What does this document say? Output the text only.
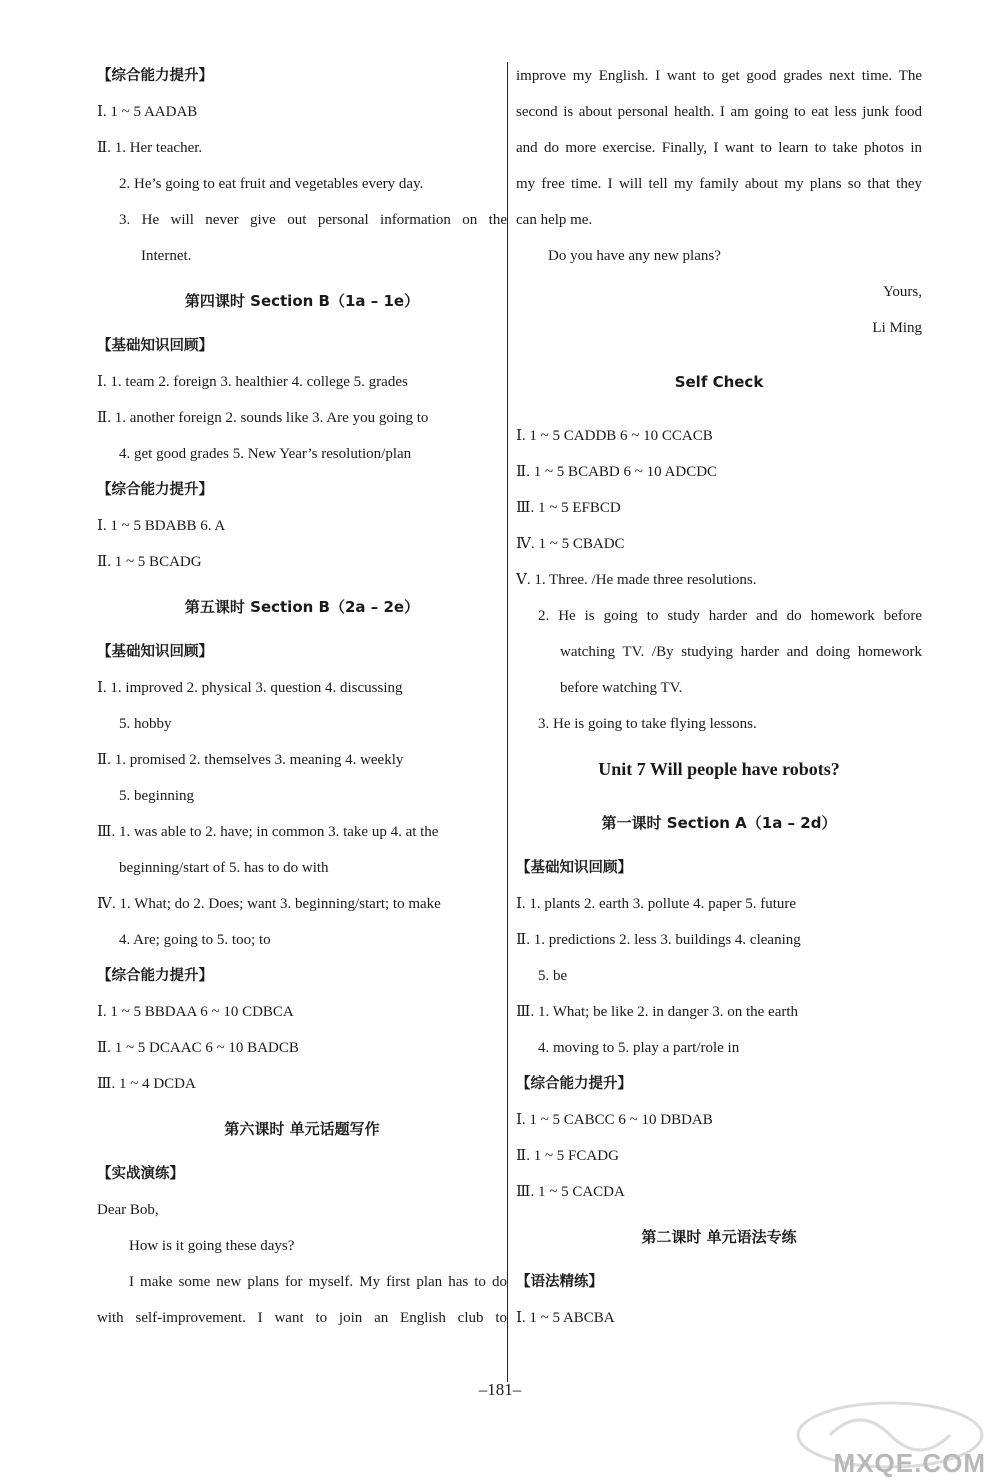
【综合能力提升】
Ⅰ. 1 ~ 5 AADAB
Ⅱ. 1. Her teacher.
2. He’s going to eat fruit and vegetables every day.
3. He will never give out personal information on the
Internet.
第四课时 Section B（1a – 1e）
【基础知识回顾】
Ⅰ. 1. team 2. foreign 3. healthier 4. college 5. grades
Ⅱ. 1. another foreign 2. sounds like 3. Are you going to
4. get good grades 5. New Year’s resolution/plan
【综合能力提升】
Ⅰ. 1 ~ 5 BDABB 6. A
Ⅱ. 1 ~ 5 BCADG
第五课时 Section B（2a – 2e）
【基础知识回顾】
Ⅰ. 1. improved 2. physical 3. question 4. discussing
5. hobby
Ⅱ. 1. promised 2. themselves 3. meaning 4. weekly
5. beginning
Ⅲ. 1. was able to 2. have; in common 3. take up 4. at the
beginning/start of 5. has to do with
Ⅳ. 1. What; do 2. Does; want 3. beginning/start; to make
4. Are; going to 5. too; to
【综合能力提升】
Ⅰ. 1 ~ 5 BBDAA 6 ~ 10 CDBCA
Ⅱ. 1 ~ 5 DCAAC 6 ~ 10 BADCB
Ⅲ. 1 ~ 4 DCDA
第六课时 单元话题写作
【实战演练】
Dear Bob,
How is it going these days?
I make some new plans for myself. My first plan has to do
with self-improvement. I want to join an English club to
improve my English. I want to get good grades next time. The
second is about personal health. I am going to eat less junk food
and do more exercise. Finally, I want to learn to take photos in
my free time. I will tell my family about my plans so that they
can help me.
Do you have any new plans?
Yours,
Li Ming
Self Check
Ⅰ. 1 ~ 5 CADDB 6 ~ 10 CCACB
Ⅱ. 1 ~ 5 BCABD 6 ~ 10 ADCDC
Ⅲ. 1 ~ 5 EFBCD
Ⅳ. 1 ~ 5 CBADC
Ⅴ. 1. Three. /He made three resolutions.
2. He is going to study harder and do homework before
watching TV. /By studying harder and doing homework
before watching TV.
3. He is going to take flying lessons.
Unit 7 Will people have robots?
第一课时 Section A（1a – 2d）
【基础知识回顾】
Ⅰ. 1. plants 2. earth 3. pollute 4. paper 5. future
Ⅱ. 1. predictions 2. less 3. buildings 4. cleaning
5. be
Ⅲ. 1. What; be like 2. in danger 3. on the earth
4. moving to 5. play a part/role in
【综合能力提升】
Ⅰ. 1 ~ 5 CABCC 6 ~ 10 DBDAB
Ⅱ. 1 ~ 5 FCADG
Ⅲ. 1 ~ 5 CACDA
第二课时 单元语法专练
【语法精练】
Ⅰ. 1 ~ 5 ABCBA
–181–
MXQE.COM
